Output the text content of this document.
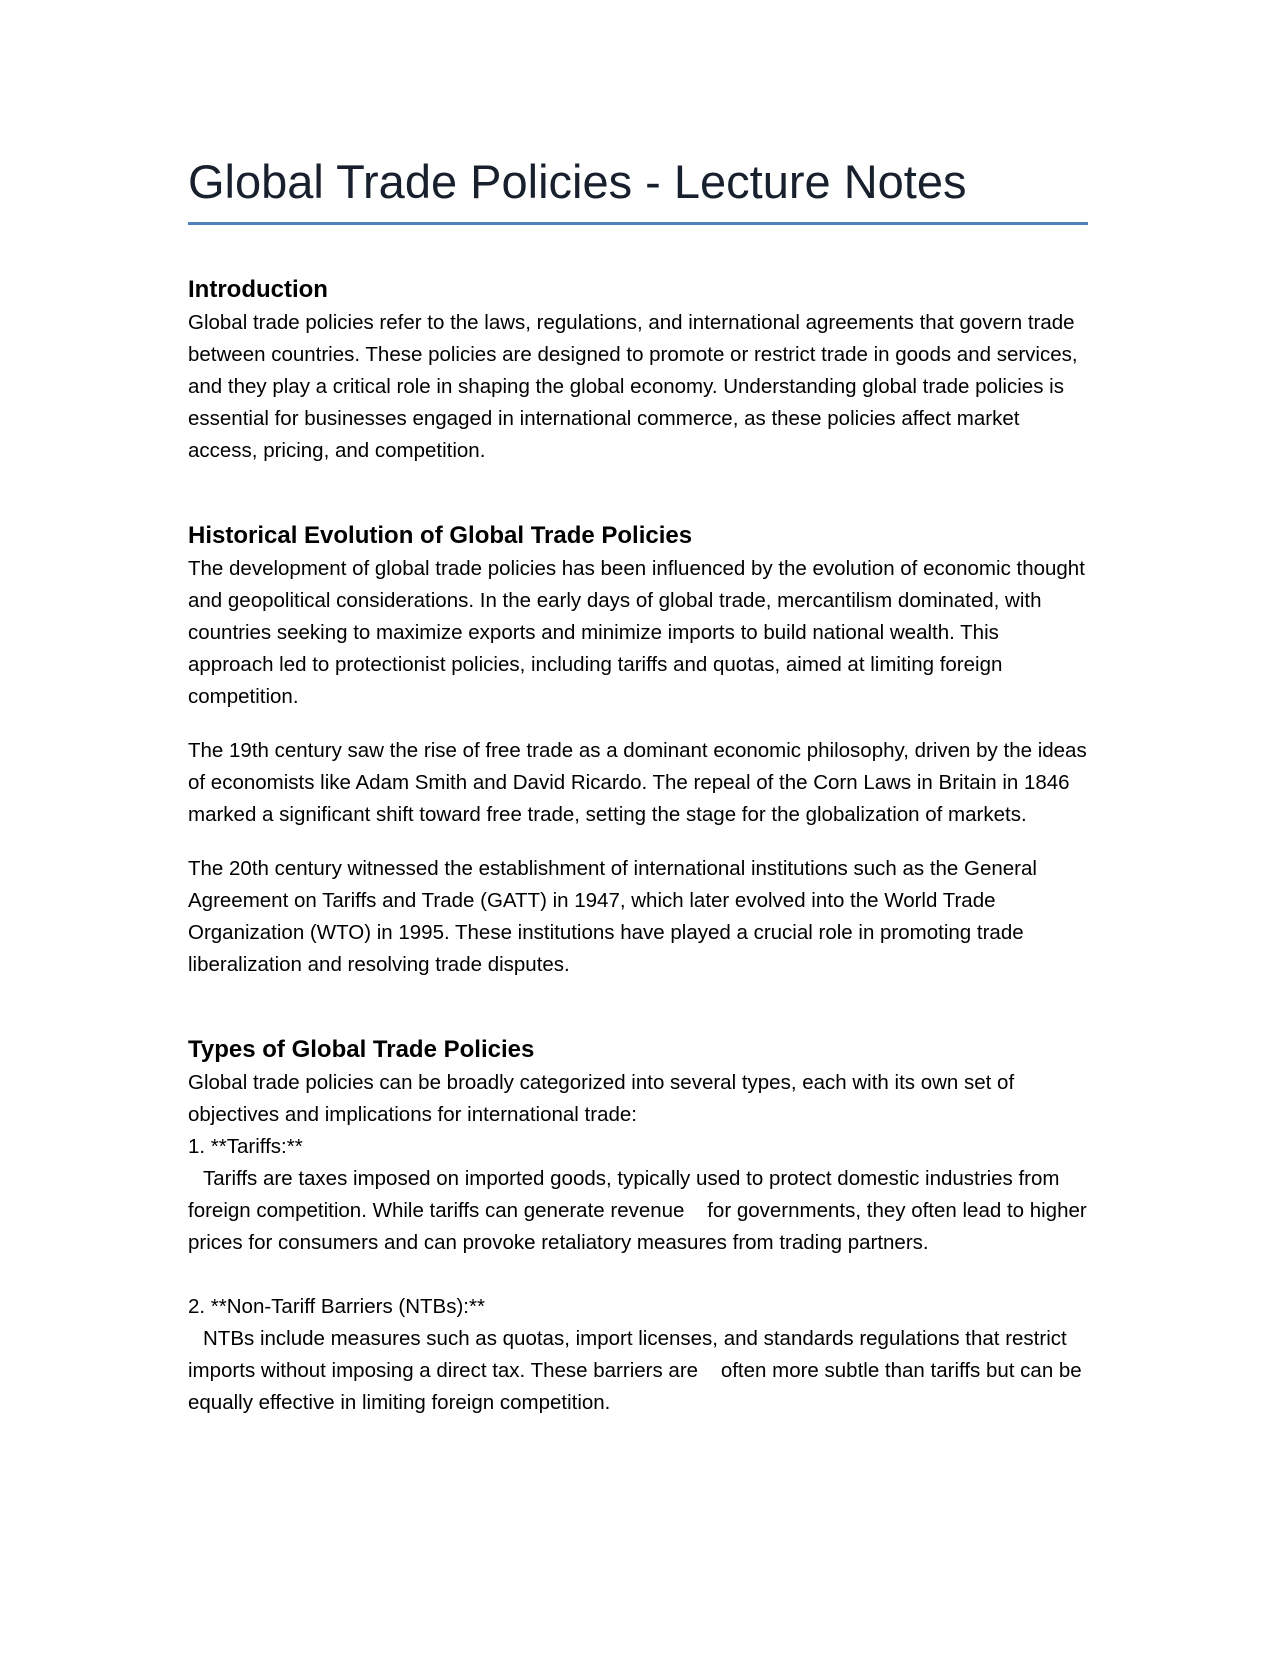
Global Trade Policies - Lecture Notes
Introduction

Global trade policies refer to the laws, regulations, and international agreements that govern trade between countries. These policies are designed to promote or restrict trade in goods and services, and they play a critical role in shaping the global economy. Understanding global trade policies is essential for businesses engaged in international commerce, as these policies affect market access, pricing, and competition.

Historical Evolution of Global Trade Policies

The development of global trade policies has been influenced by the evolution of economic thought and geopolitical considerations. In the early days of global trade, mercantilism dominated, with countries seeking to maximize exports and minimize imports to build national wealth. This approach led to protectionist policies, including tariffs and quotas, aimed at limiting foreign competition.

The 19th century saw the rise of free trade as a dominant economic philosophy, driven by the ideas of economists like Adam Smith and David Ricardo. The repeal of the Corn Laws in Britain in 1846 marked a significant shift toward free trade, setting the stage for the globalization of markets.

The 20th century witnessed the establishment of international institutions such as the General Agreement on Tariffs and Trade (GATT) in 1947, which later evolved into the World Trade Organization (WTO) in 1995. These institutions have played a crucial role in promoting trade liberalization and resolving trade disputes.

Types of Global Trade Policies

Global trade policies can be broadly categorized into several types, each with its own set of objectives and implications for international trade:

1. **Tariffs:**

Tariffs are taxes imposed on imported goods, typically used to protect domestic industries from foreign competition. While tariffs can generate revenue    for governments, they often lead to higher prices for consumers and can provoke retaliatory measures from trading partners.

2. **Non-Tariff Barriers (NTBs):**

NTBs include measures such as quotas, import licenses, and standards regulations that restrict imports without imposing a direct tax. These barriers are    often more subtle than tariffs but can be equally effective in limiting foreign competition.
